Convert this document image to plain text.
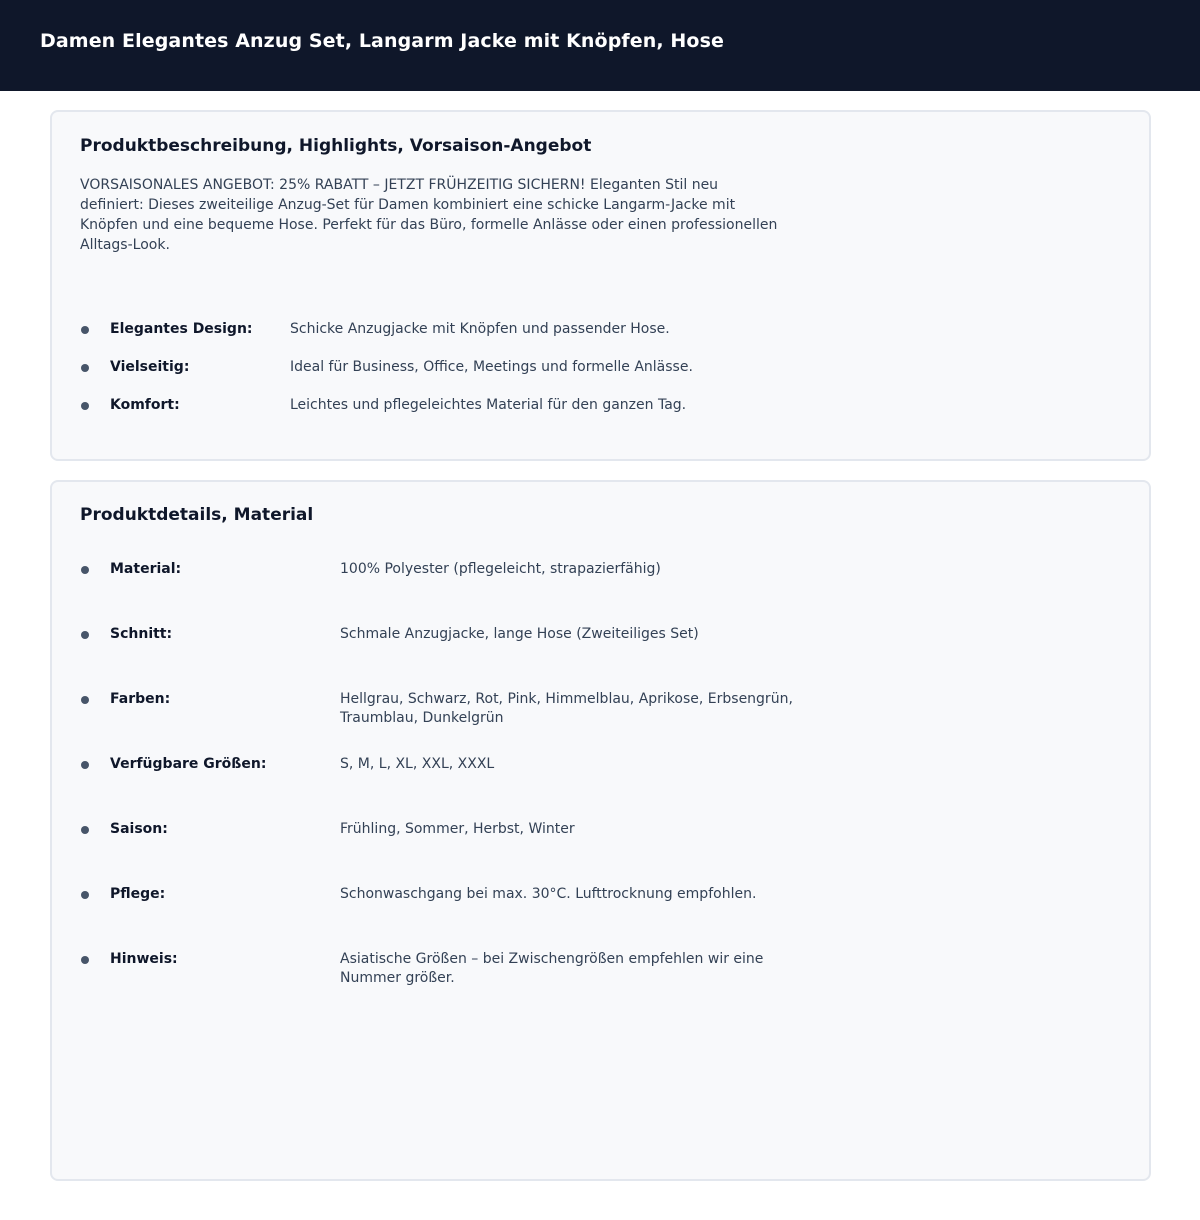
Damen Elegantes Anzug Set, Langarm Jacke mit Knöpfen, Hose
Produktbeschreibung, Highlights, Vorsaison-Angebot

VORSAISONALES ANGEBOT: 25% RABATT – JETZT FRÜHZEITIG SICHERN! Eleganten Stil neu definiert: Dieses zweiteilige Anzug-Set für Damen kombiniert eine schicke Langarm-Jacke mit Knöpfen und eine bequeme Hose. Perfekt für das Büro, formelle Anlässe oder einen professionellen Alltags-Look.

Elegantes Design:	Schicke Anzugjacke mit Knöpfen und passender Hose.
Vielseitig:	Ideal für Business, Office, Meetings und formelle Anlässe.
Komfort:	Leichtes und pflegeleichtes Material für den ganzen Tag.
Produktdetails, Material
Material:	100% Polyester (pflegeleicht, strapazierfähig)
Schnitt:	Schmale Anzugjacke, lange Hose (Zweiteiliges Set)
Farben:	Hellgrau, Schwarz, Rot, Pink, Himmelblau, Aprikose, Erbsengrün, Traumblau, Dunkelgrün
Verfügbare Größen:	S, M, L, XL, XXL, XXXL
Saison:	Frühling, Sommer, Herbst, Winter
Pflege:	Schonwaschgang bei max. 30°C. Lufttrocknung empfohlen.
Hinweis:	Asiatische Größen – bei Zwischengrößen empfehlen wir eine Nummer größer.
